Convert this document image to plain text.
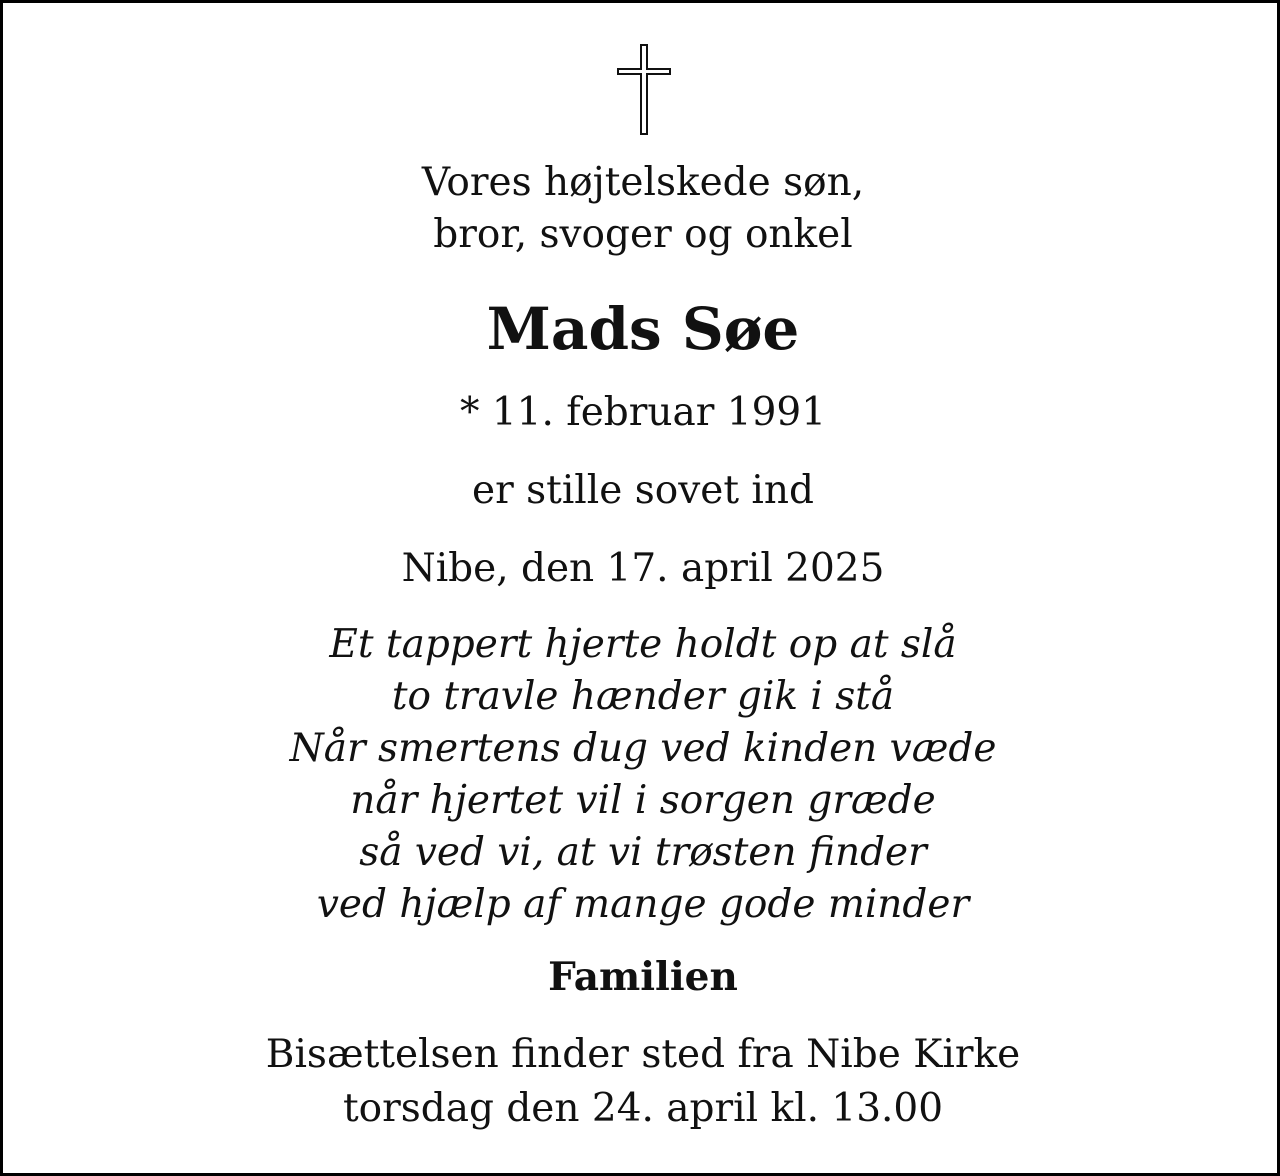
Vores højtelskede søn,
bror, svoger og onkel
Mads Søe
* 11. februar 1991
er stille sovet ind
Nibe, den 17. april 2025
Et tappert hjerte holdt op at slå
to travle hænder gik i stå
Når smertens dug ved kinden væde
når hjertet vil i sorgen græde
så ved vi, at vi trøsten finder
ved hjælp af mange gode minder
Familien
Bisættelsen finder sted fra Nibe Kirke
torsdag den 24. april kl. 13.00
